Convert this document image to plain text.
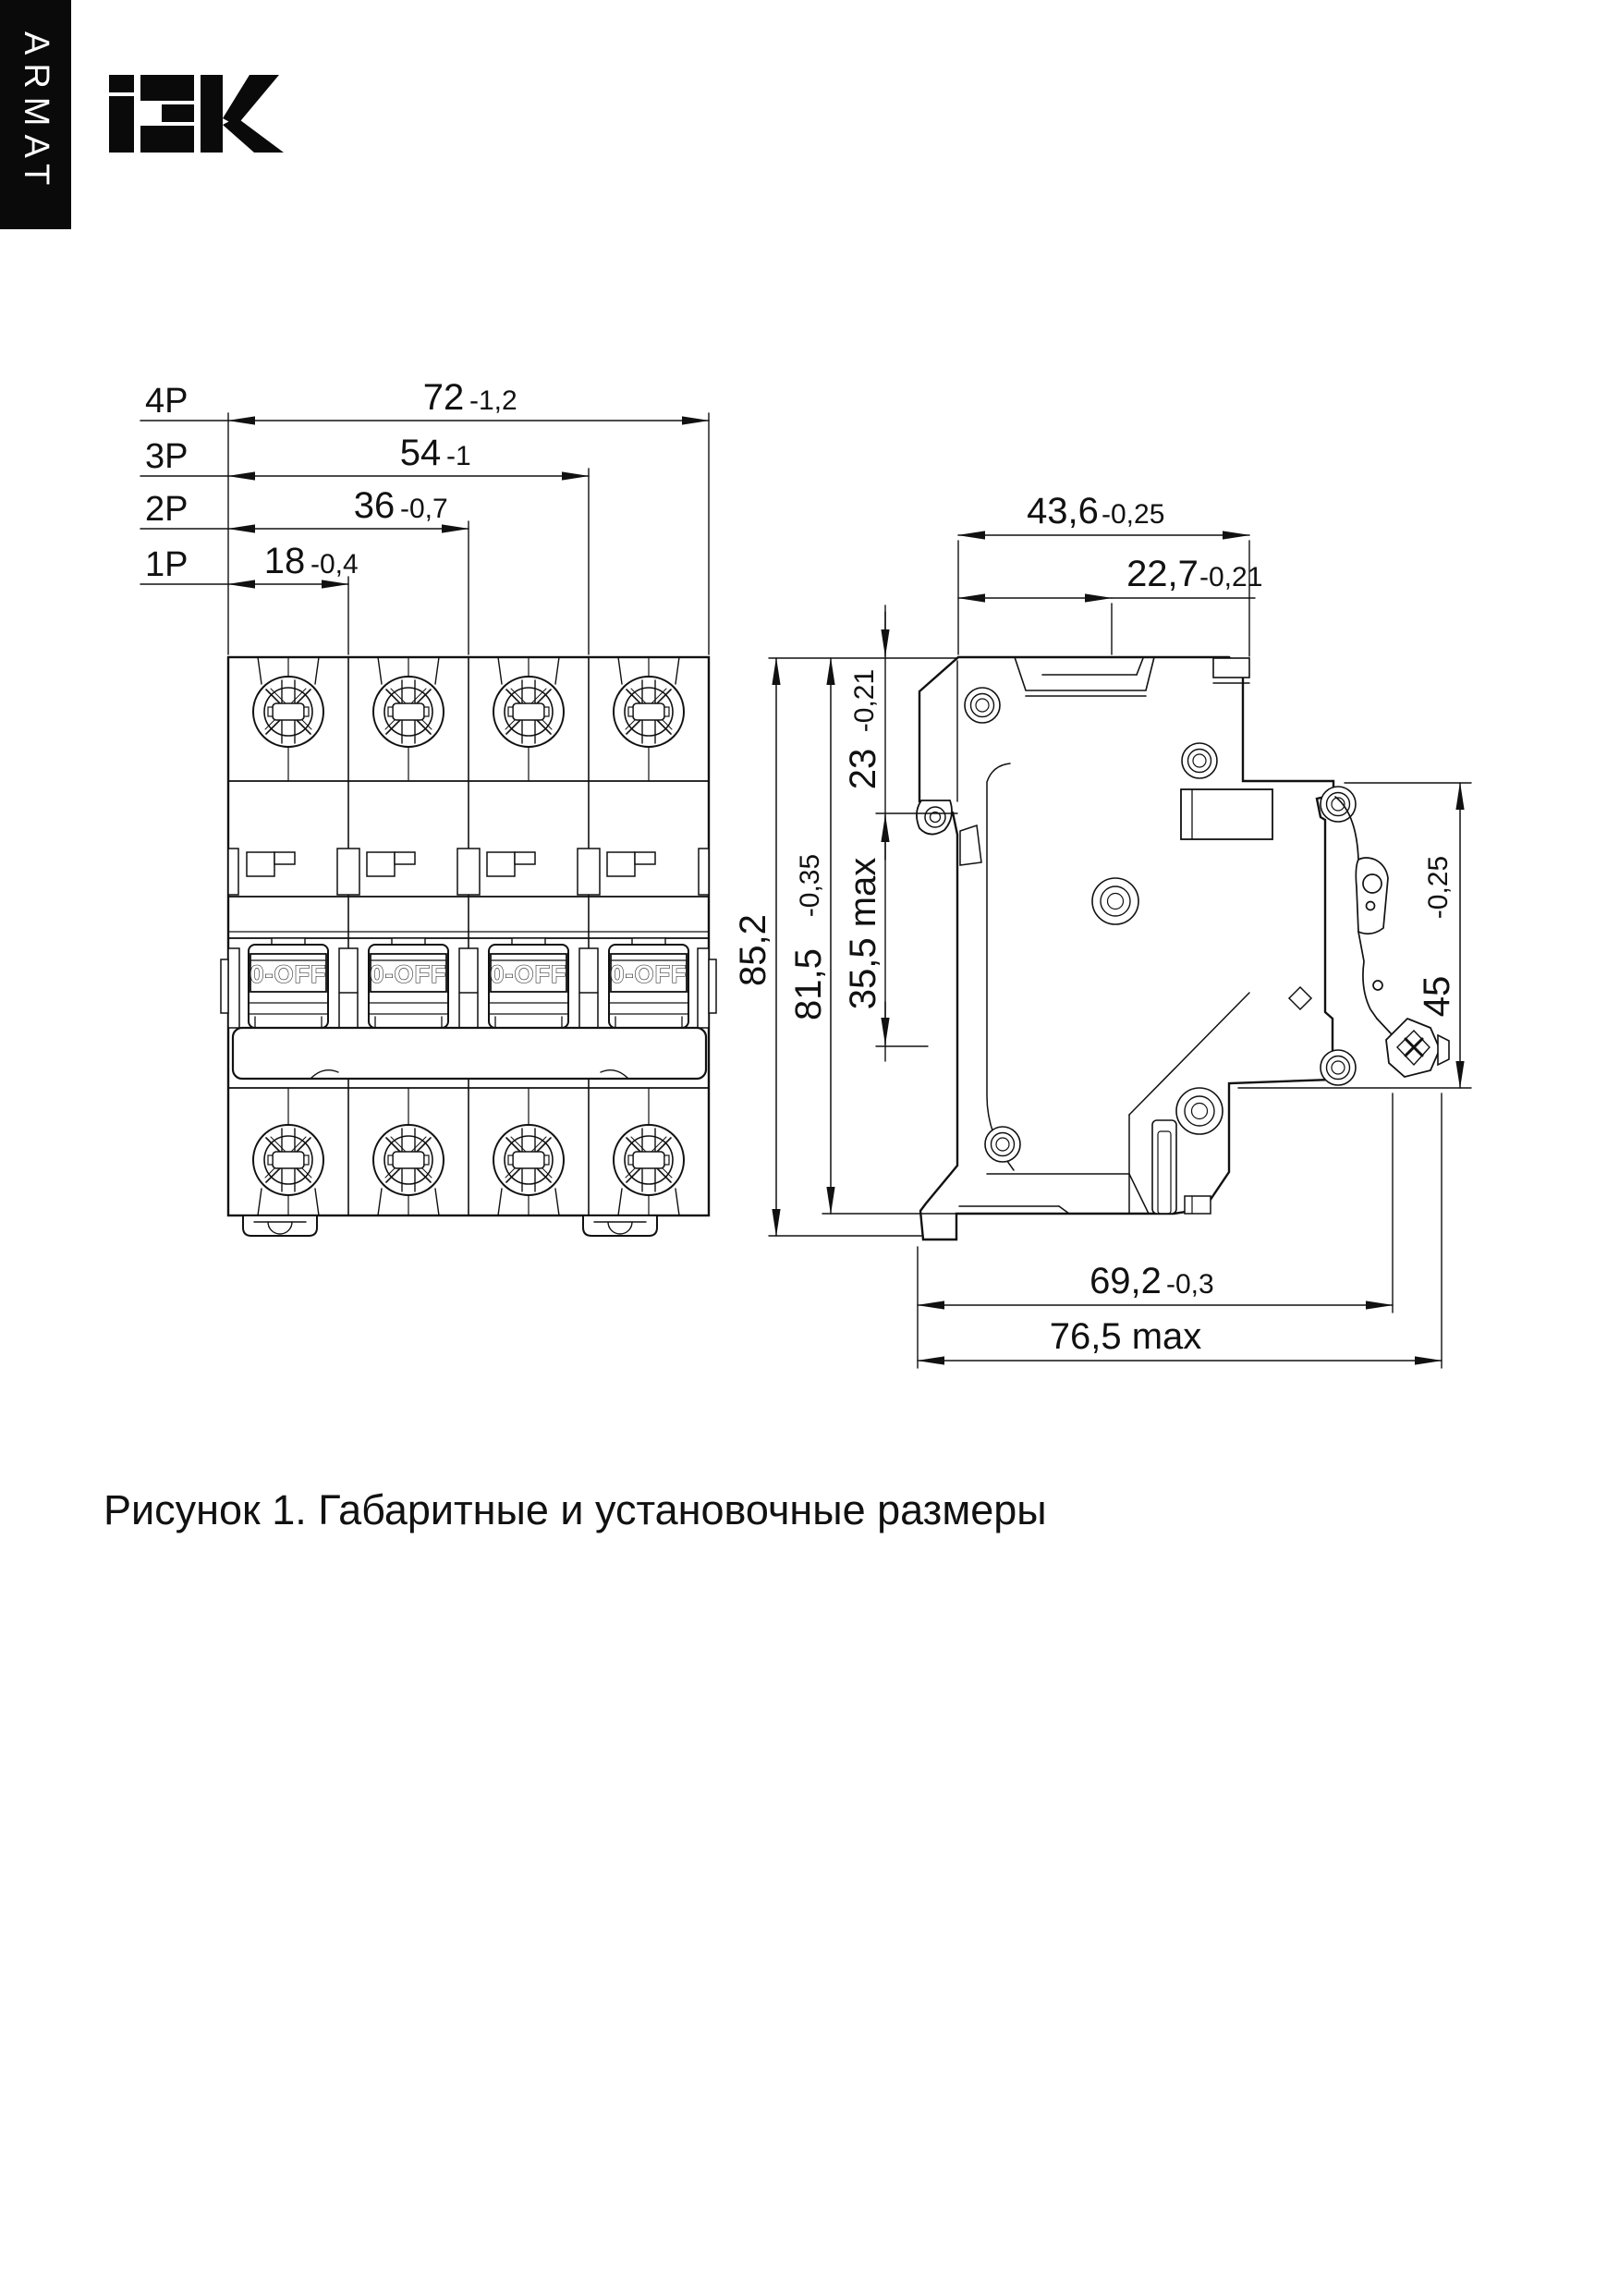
ARMAT
4P	72 -1,2
3P	54 -1
2P	36 -0,7
1P 18 -0,4
0-OFF 0-OFF 0-OFF 0-OFF
43,6 -0,25
22,7 -0,21
85,2 81,5
-0,35
23
-0,21
35,5 max	45
-0,25
69,2 -0,3
76,5 max
Рисунок 1. Габаритные и установочные размеры
